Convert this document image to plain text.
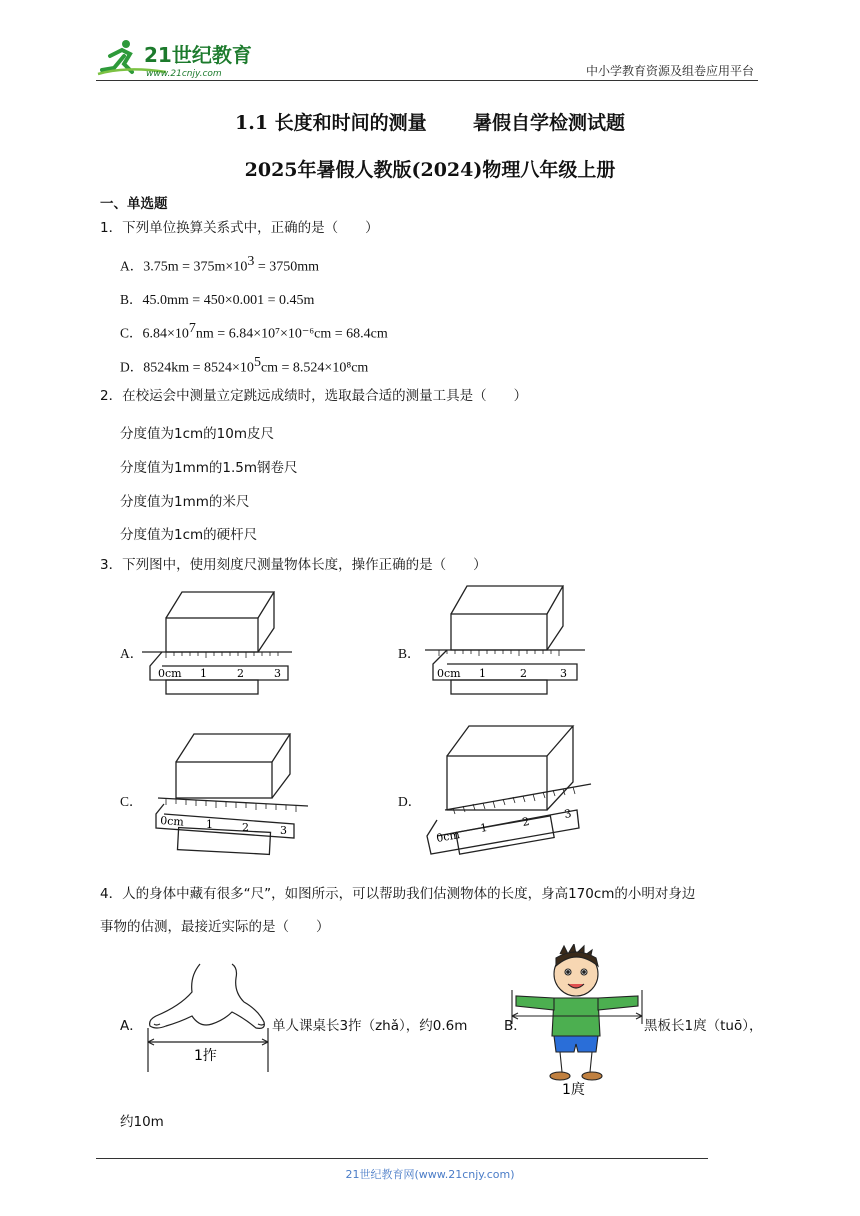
21世纪教育
www.21cnjy.com	中小学教育资源及组卷应用平台
1.1 长度和时间的测量 暑假自学检测试题
2025年暑假人教版(2024)物理八年级上册
一、单选题
1．下列单位换算关系式中，正确的是（　　）
A．$3.75m = 375m\times 10^3 = 3750mm$
B．45.0mm = 450×0.001 = 0.45m
C．$6.84\times 10^7nm = 6.84\times 10^7\times 10^{-6}cm = 68.4cm$
D．$8524km = 8524\times 10^5cm = 8.524\times 10^8cm$
2．在校运会中测量立定跳远成绩时，选取最合适的测量工具是（　　）
分度值为1cm的10m皮尺
分度值为1mm的1.5m钢卷尺
分度值为1mm的米尺
分度值为1cm的硬杆尺
3．下列图中，使用刻度尺测量物体长度，操作正确的是（　　）
A．
0cm 1	2	3
B．
0cm 1	2	3
C．
0cm 1	2	3
D．
0cm
1	2
3
4．人的身体中藏有很多“尺”，如图所示，可以帮助我们估测物体的长度，身高170cm的小明对身边
事物的估测，最接近实际的是（　　）
A．
1拃
单人课桌长3拃（zhǎ），约0.6m	B．
1庹
黑板长1庹（tuō），
约10m
21世纪教育网(www.21cnjy.com)
